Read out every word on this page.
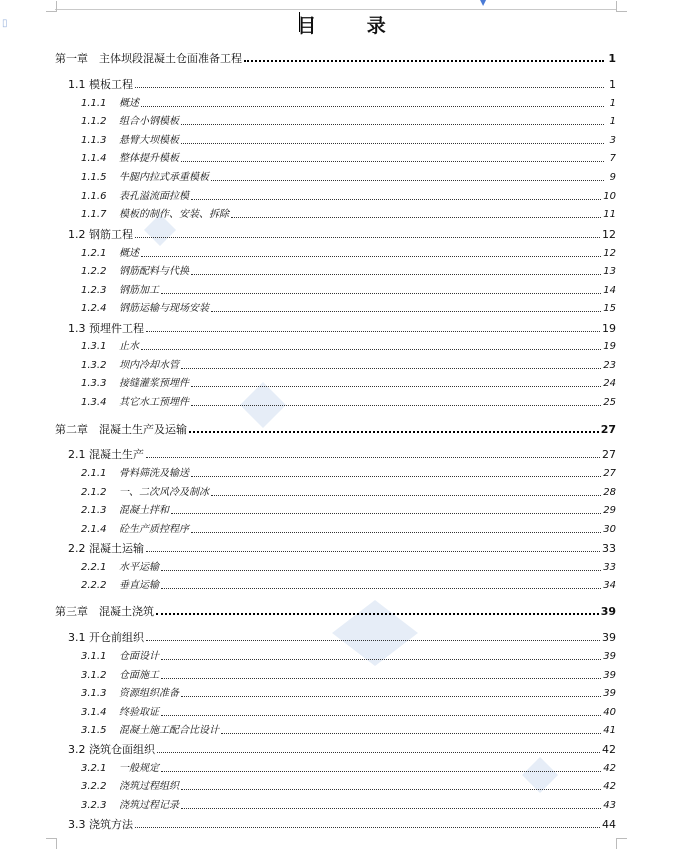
▼
▯	目 录
第一章	主体坝段混凝土仓面准备工程	1
1.1 模板工程	1
1.1.1	概述	1
1.1.2	组合小钢模板	1
1.1.3	悬臂大坝模板	3
1.1.4	整体提升模板	7
1.1.5	牛腿内拉式承重模板	9
1.1.6	表孔溢流面拉模	10
1.1.7	模板的制作、安装、拆除	11
1.2 钢筋工程	12
1.2.1	概述	12
1.2.2	钢筋配料与代换	13
1.2.3	钢筋加工	14
1.2.4	钢筋运输与现场安装	15
1.3 预埋件工程	19
1.3.1	止水	19
1.3.2	坝内冷却水管	23
1.3.3	接缝灌浆预埋件	24
1.3.4	其它水工预埋件	25
第二章	混凝土生产及运输	27
2.1 混凝土生产	27
2.1.1	骨料筛洗及输送	27
2.1.2	一、二次风冷及制冰	28
2.1.3	混凝土拌和	29
2.1.4	砼生产质控程序	30
2.2 混凝土运输	33
2.2.1	水平运输	33
2.2.2	垂直运输	34
第三章	混凝土浇筑	39
3.1 开仓前组织	39
3.1.1	仓面设计	39
3.1.2	仓面施工	39
3.1.3	资源组织准备	39
3.1.4	终验取证	40
3.1.5	混凝土施工配合比设计	41
3.2 浇筑仓面组织	42
3.2.1	一般规定	42
3.2.2	浇筑过程组织	42
3.2.3	浇筑过程记录	43
3.3 浇筑方法	44
